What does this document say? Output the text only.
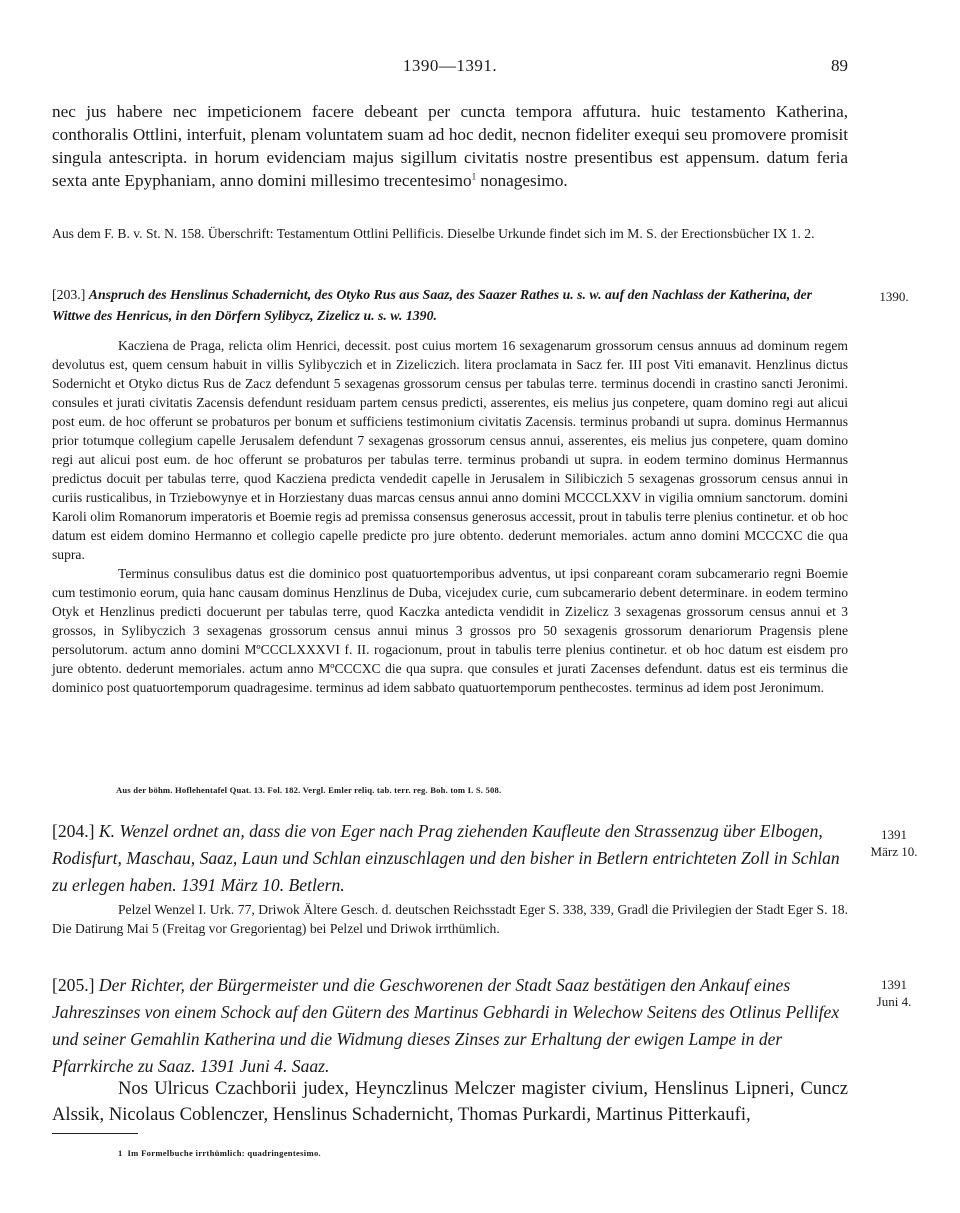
1390—1391.	89
nec jus habere nec impeticionem facere debeant per cuncta tempora affutura. huic testamento Katherina, conthoralis Ottlini, interfuit, plenam voluntatem suam ad hoc dedit, necnon fideliter exequi seu promovere promisit singula antescripta. in horum evidenciam majus sigillum civitatis nostre presentibus est appensum. datum feria sexta ante Epyphaniam, anno domini millesimo trecentesimo$^1$ nonagesimo.

Aus dem F. B. v. St. N. 158. Überschrift: Testamentum Ottlini Pellificis. Dieselbe Urkunde findet sich im M. S. der Erectionsbücher IX 1. 2.

[203.] Anspruch des Henslinus Schadernicht, des Otyko Rus aus Saaz, des Saazer Rathes u. s. w. auf den Nachlass der Katherina, der Wittwe des Henricus, in den Dörfern Sylibycz, Zizelicz u. s. w. 1390.
1390.

Kacziena de Praga, relicta olim Henrici, decessit. post cuius mortem 16 sexagenarum grossorum census annuus ad dominum regem devolutus est, quem censum habuit in villis Sylibyczich et in Zizeliczich. litera proclamata in Sacz fer. III post Viti emanavit. Henzlinus dictus Sodernicht et Otyko dictus Rus de Zacz defendunt 5 sexagenas grossorum census per tabulas terre. terminus docendi in crastino sancti Jeronimi. consules et jurati civitatis Zacensis defendunt residuam partem census predicti, asserentes, eis melius jus conpetere, quam domino regi aut alicui post eum. de hoc offerunt se probaturos per bonum et sufficiens testimonium civitatis Zacensis. terminus probandi ut supra. dominus Hermannus prior totumque collegium capelle Jerusalem defendunt 7 sexagenas grossorum census annui, asserentes, eis melius jus conpetere, quam domino regi aut alicui post eum. de hoc offerunt se probaturos per tabulas terre. terminus probandi ut supra. in eodem termino dominus Hermannus predictus docuit per tabulas terre, quod Kacziena predicta vendedit capelle in Jerusalem in Silibiczich 5 sexagenas grossorum census annui in curiis rusticalibus, in Trziebowynye et in Horziestany duas marcas census annui anno domini MCCCLXXV in vigilia omnium sanctorum. domini Karoli olim Romanorum imperatoris et Boemie regis ad premissa consensus generosus accessit, prout in tabulis terre plenius continetur. et ob hoc datum est eidem domino Hermanno et collegio capelle predicte pro jure obtento. dederunt memoriales. actum anno domini MCCCXC die qua supra.

Terminus consulibus datus est die dominico post quatuortemporibus adventus, ut ipsi conpareant coram subcamerario regni Boemie cum testimonio eorum, quia hanc causam dominus Henzlinus de Duba, vicejudex curie, cum subcamerario debent determinare. in eodem termino Otyk et Henzlinus predicti docuerunt per tabulas terre, quod Kaczka antedicta vendidit in Zizelicz 3 sexagenas grossorum census annui et 3 grossos, in Sylibyczich 3 sexagenas grossorum census annui minus 3 grossos pro 50 sexagenis grossorum denariorum Pragensis plene persolutorum. actum anno domini MºCCCLXXXVI f. II. rogacionum, prout in tabulis terre plenius continetur. et ob hoc datum est eisdem pro jure obtento. dederunt memoriales. actum anno MºCCCXC die qua supra. que consules et jurati Zacenses defendunt. datus est eis terminus die dominico post quatuortemporum quadragesime. terminus ad idem sabbato quatuortemporum penthecostes. terminus ad idem post Jeronimum.

Aus der böhm. Hoflehentafel Quat. 13. Fol. 182. Vergl. Emler reliq. tab. terr. reg. Boh. tom I. S. 508.
[204.] K. Wenzel ordnet an, dass die von Eger nach Prag ziehenden Kaufleute den Strassenzug über Elbogen, Rodisfurt, Maschau, Saaz, Laun und Schlan einzuschlagen und den bisher in Betlern entrichteten Zoll in Schlan zu erlegen haben. 1391 März 10. Betlern.
1391
März 10.

Pelzel Wenzel I. Urk. 77, Driwok Ältere Gesch. d. deutschen Reichsstadt Eger S. 338, 339, Gradl die Privilegien der Stadt Eger S. 18. Die Datirung Mai 5 (Freitag vor Gregorientag) bei Pelzel und Driwok irrthümlich.

[205.] Der Richter, der Bürgermeister und die Geschworenen der Stadt Saaz bestätigen den Ankauf eines Jahreszinses von einem Schock auf den Gütern des Martinus Gebhardi in Welechow Seitens des Otlinus Pellifex und seiner Gemahlin Katherina und die Widmung dieses Zinses zur Erhaltung der ewigen Lampe in der Pfarrkirche zu Saaz. 1391 Juni 4. Saaz.
1391
Juni 4.

Nos Ulricus Czachborii judex, Heynczlinus Melczer magister civium, Henslinus Lipneri, Cuncz Alssik, Nicolaus Coblenczer, Henslinus Schadernicht, Thomas Purkardi, Martinus Pitterkaufi,

1 Im Formelbuche irrthümlich: quadringentesimo.
